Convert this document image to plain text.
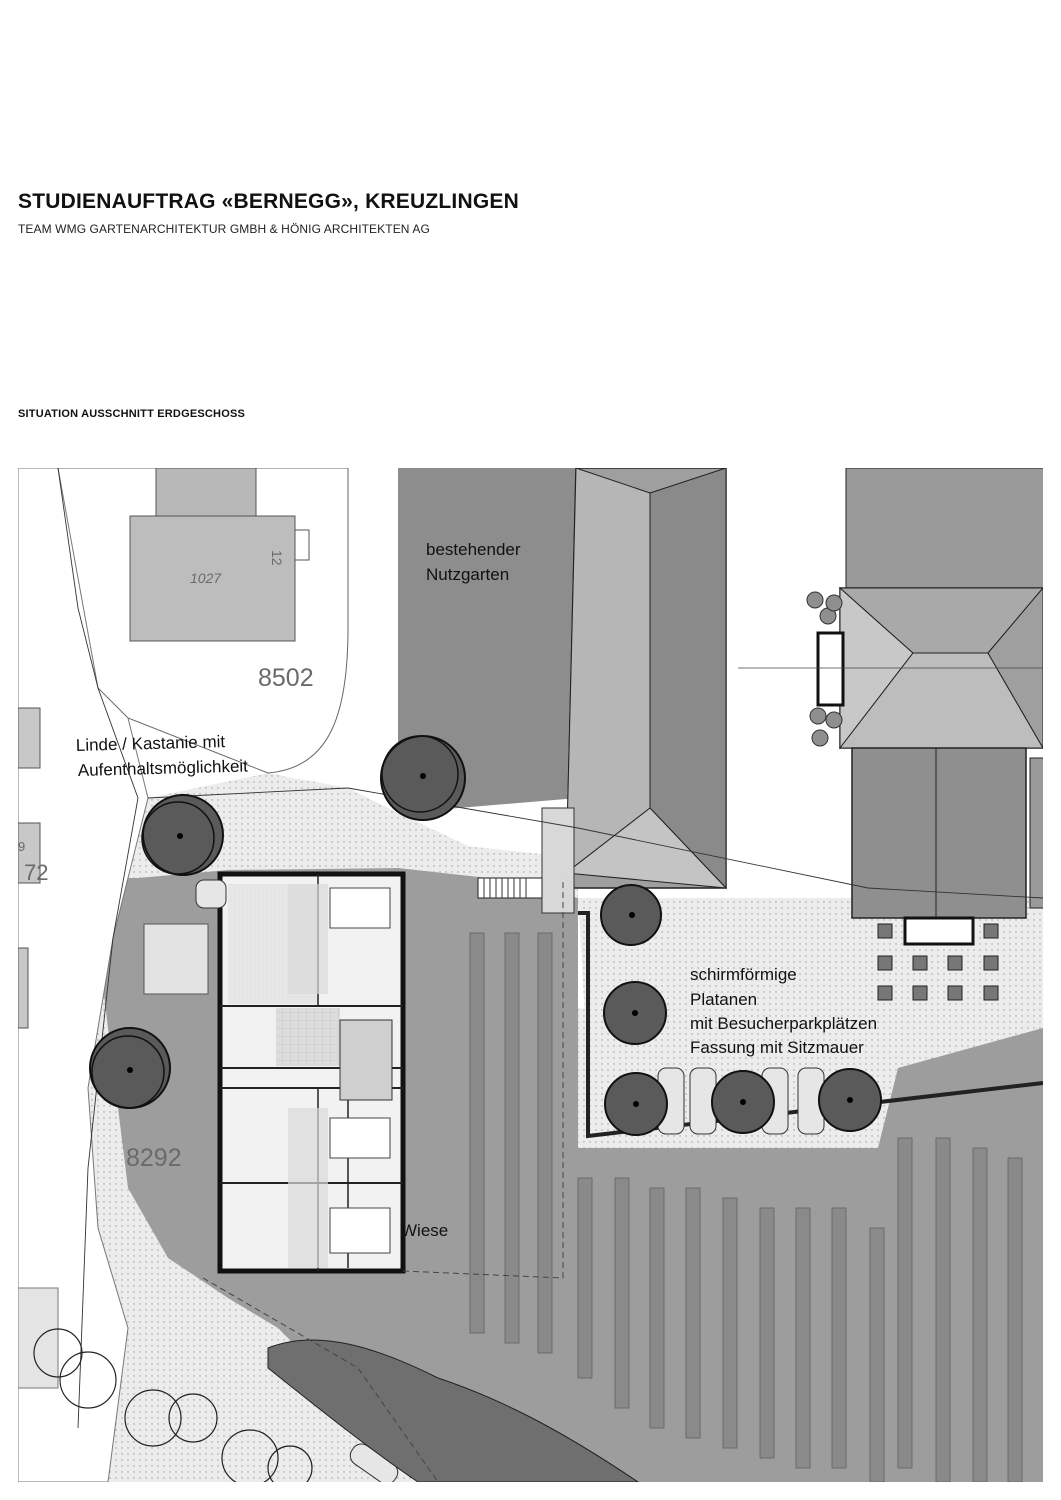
STUDIENAUFTRAG «BERNEGG», KREUZLINGEN

TEAM WMG GARTENARCHITEKTUR GMBH & HÖNIG ARCHITEKTEN AG

SITUATION AUSSCHNITT ERDGESCHOSS
1027
12
9
72
bestehender
Nutzgarten
Linde / Kastanie mit
Aufenthaltsmöglichkeit
schirmförmige
Platanen
mit Besucherparkplätzen
Fassung mit Sitzmauer
Wiese
8502
8292
